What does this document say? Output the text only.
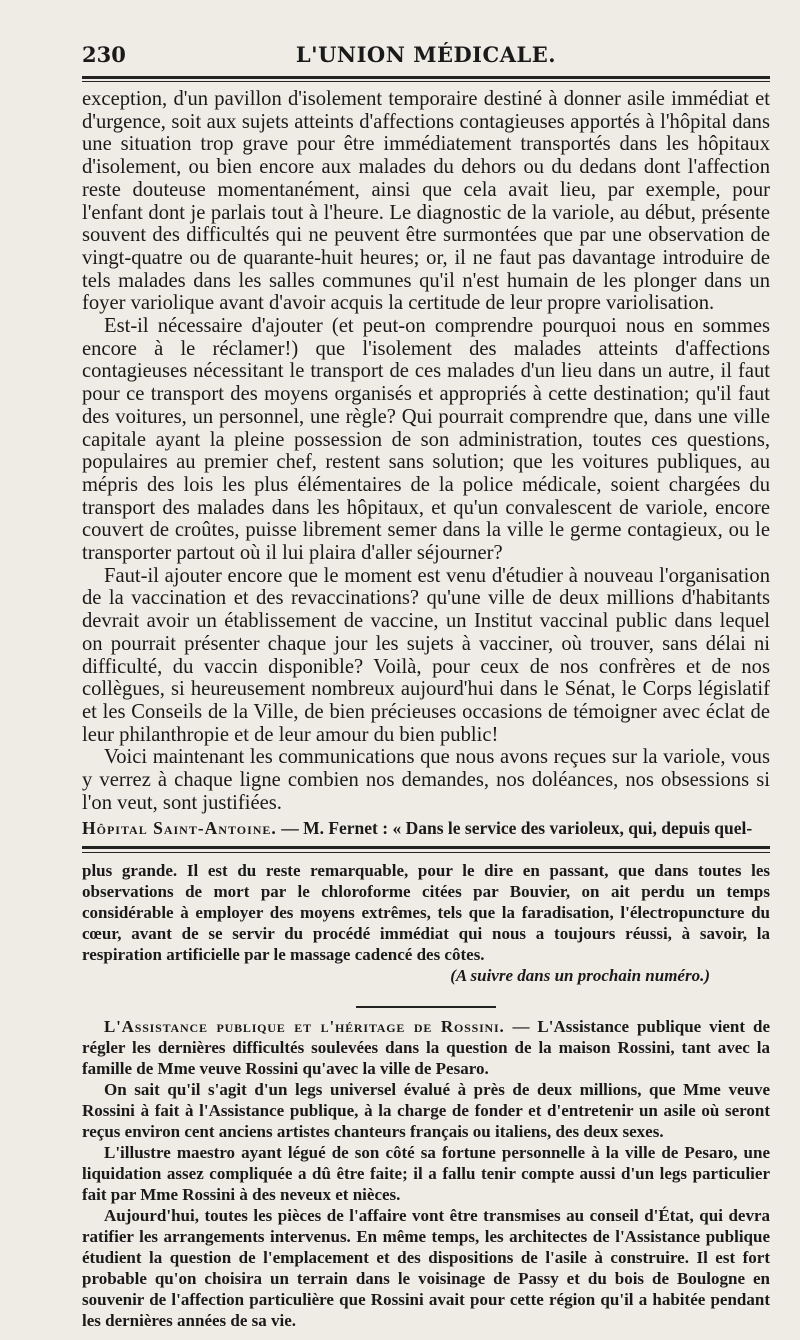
230	L'UNION MÉDICALE.

exception, d'un pavillon d'isolement temporaire destiné à donner asile immédiat et d'urgence, soit aux sujets atteints d'affections contagieuses apportés à l'hôpital dans une situation trop grave pour être immédiatement transportés dans les hôpitaux d'isolement, ou bien encore aux malades du dehors ou du dedans dont l'affection reste douteuse momentanément, ainsi que cela avait lieu, par exemple, pour l'enfant dont je parlais tout à l'heure. Le diagnostic de la variole, au début, présente souvent des difficultés qui ne peuvent être surmontées que par une observation de vingt-quatre ou de quarante-huit heures; or, il ne faut pas davantage introduire de tels malades dans les salles communes qu'il n'est humain de les plonger dans un foyer variolique avant d'avoir acquis la certitude de leur propre variolisation.

Est-il nécessaire d'ajouter (et peut-on comprendre pourquoi nous en sommes encore à le réclamer!) que l'isolement des malades atteints d'affections contagieuses nécessitant le transport de ces malades d'un lieu dans un autre, il faut pour ce transport des moyens organisés et appropriés à cette destination; qu'il faut des voitures, un personnel, une règle? Qui pourrait comprendre que, dans une ville capitale ayant la pleine possession de son administration, toutes ces questions, populaires au premier chef, restent sans solution; que les voitures publiques, au mépris des lois les plus élémentaires de la police médicale, soient chargées du transport des malades dans les hôpitaux, et qu'un convalescent de variole, encore couvert de croûtes, puisse librement semer dans la ville le germe contagieux, ou le transporter partout où il lui plaira d'aller séjourner?

Faut-il ajouter encore que le moment est venu d'étudier à nouveau l'organisation de la vaccination et des revaccinations? qu'une ville de deux millions d'habitants devrait avoir un établissement de vaccine, un Institut vaccinal public dans lequel on pourrait présenter chaque jour les sujets à vacciner, où trouver, sans délai ni difficulté, du vaccin disponible? Voilà, pour ceux de nos confrères et de nos collègues, si heureusement nombreux aujourd'hui dans le Sénat, le Corps législatif et les Conseils de la Ville, de bien précieuses occasions de témoigner avec éclat de leur philanthropie et de leur amour du bien public!

Voici maintenant les communications que nous avons reçues sur la variole, vous y verrez à chaque ligne combien nos demandes, nos doléances, nos obsessions si l'on veut, sont justifiées.

Hôpital Saint-Antoine. — M. Fernet : « Dans le service des varioleux, qui, depuis quel-

plus grande. Il est du reste remarquable, pour le dire en passant, que dans toutes les observations de mort par le chloroforme citées par Bouvier, on ait perdu un temps considérable à employer des moyens extrêmes, tels que la faradisation, l'électropuncture du cœur, avant de se servir du procédé immédiat qui nous a toujours réussi, à savoir, la respiration artificielle par le massage cadencé des côtes.

(A suivre dans un prochain numéro.)

L'Assistance publique et l'héritage de Rossini. — L'Assistance publique vient de régler les dernières difficultés soulevées dans la question de la maison Rossini, tant avec la famille de Mme veuve Rossini qu'avec la ville de Pesaro.

On sait qu'il s'agit d'un legs universel évalué à près de deux millions, que Mme veuve Rossini à fait à l'Assistance publique, à la charge de fonder et d'entretenir un asile où seront reçus environ cent anciens artistes chanteurs français ou italiens, des deux sexes.

L'illustre maestro ayant légué de son côté sa fortune personnelle à la ville de Pesaro, une liquidation assez compliquée a dû être faite; il a fallu tenir compte aussi d'un legs particulier fait par Mme Rossini à des neveux et nièces.

Aujourd'hui, toutes les pièces de l'affaire vont être transmises au conseil d'État, qui devra ratifier les arrangements intervenus. En même temps, les architectes de l'Assistance publique étudient la question de l'emplacement et des dispositions de l'asile à construire. Il est fort probable qu'on choisira un terrain dans le voisinage de Passy et du bois de Boulogne en souvenir de l'affection particulière que Rossini avait pour cette région qu'il a habitée pendant les dernières années de sa vie.
